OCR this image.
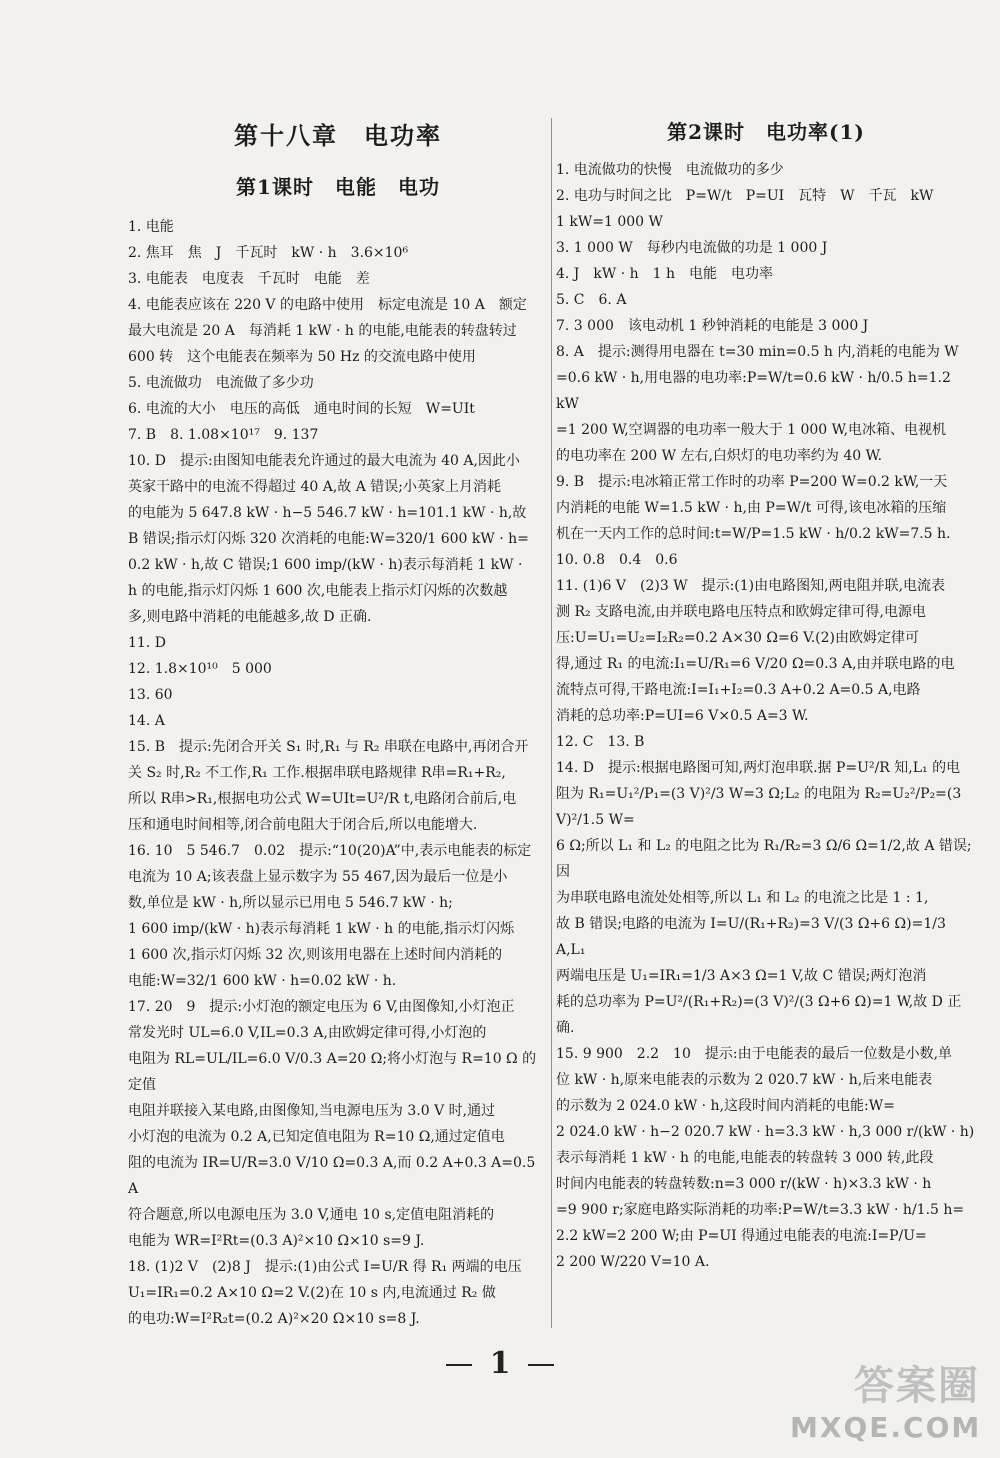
第十八章　电功率
第1课时　电能　电功

1. 电能

2. 焦耳　焦　J　千瓦时　kW · h　3.6×10⁶

3. 电能表　电度表　千瓦时　电能　差

4. 电能表应该在 220 V 的电路中使用　标定电流是 10 A　额定

最大电流是 20 A　每消耗 1 kW · h 的电能,电能表的转盘转过

600 转　这个电能表在频率为 50 Hz 的交流电路中使用

5. 电流做功　电流做了多少功

6. 电流的大小　电压的高低　通电时间的长短　W=UIt

7. B　8. 1.08×10¹⁷　9. 137

10. D　提示:由图知电能表允许通过的最大电流为 40 A,因此小

英家干路中的电流不得超过 40 A,故 A 错误;小英家上月消耗

的电能为 5 647.8 kW · h−5 546.7 kW · h=101.1 kW · h,故

B 错误;指示灯闪烁 320 次消耗的电能:W=320/1 600 kW · h=

0.2 kW · h,故 C 错误;1 600 imp/(kW · h)表示每消耗 1 kW ·

h 的电能,指示灯闪烁 1 600 次,电能表上指示灯闪烁的次数越

多,则电路中消耗的电能越多,故 D 正确.

11. D

12. 1.8×10¹⁰　5 000

13. 60

14. A

15. B　提示:先闭合开关 S₁ 时,R₁ 与 R₂ 串联在电路中,再闭合开

关 S₂ 时,R₂ 不工作,R₁ 工作.根据串联电路规律 R串=R₁+R₂,

所以 R串>R₁,根据电功公式 W=UIt=U²/R t,电路闭合前后,电

压和通电时间相等,闭合前电阻大于闭合后,所以电能增大.

16. 10　5 546.7　0.02　提示:“10(20)A”中,表示电能表的标定

电流为 10 A;该表盘上显示数字为 55 467,因为最后一位是小

数,单位是 kW · h,所以显示已用电 5 546.7 kW · h;

1 600 imp/(kW · h)表示每消耗 1 kW · h 的电能,指示灯闪烁

1 600 次,指示灯闪烁 32 次,则该用电器在上述时间内消耗的

电能:W=32/1 600 kW · h=0.02 kW · h.

17. 20　9　提示:小灯泡的额定电压为 6 V,由图像知,小灯泡正

常发光时 UL=6.0 V,IL=0.3 A,由欧姆定律可得,小灯泡的

电阻为 RL=UL/IL=6.0 V/0.3 A=20 Ω;将小灯泡与 R=10 Ω 的定值

电阻并联接入某电路,由图像知,当电源电压为 3.0 V 时,通过

小灯泡的电流为 0.2 A,已知定值电阻为 R=10 Ω,通过定值电

阻的电流为 IR=U/R=3.0 V/10 Ω=0.3 A,而 0.2 A+0.3 A=0.5 A

符合题意,所以电源电压为 3.0 V,通电 10 s,定值电阻消耗的

电能为 WR=I²Rt=(0.3 A)²×10 Ω×10 s=9 J.

18. (1)2 V　(2)8 J　提示:(1)由公式 I=U/R 得 R₁ 两端的电压

U₁=IR₁=0.2 A×10 Ω=2 V.(2)在 10 s 内,电流通过 R₂ 做

的电功:W=I²R₂t=(0.2 A)²×20 Ω×10 s=8 J.

第2课时　电功率(1)

1. 电流做功的快慢　电流做功的多少

2. 电功与时间之比　P=W/t　P=UI　瓦特　W　千瓦　kW

1 kW=1 000 W

3. 1 000 W　每秒内电流做的功是 1 000 J

4. J　kW · h　1 h　电能　电功率

5. C　6. A

7. 3 000　该电动机 1 秒钟消耗的电能是 3 000 J

8. A　提示:测得用电器在 t=30 min=0.5 h 内,消耗的电能为 W

=0.6 kW · h,用电器的电功率:P=W/t=0.6 kW · h/0.5 h=1.2 kW

=1 200 W,空调器的电功率一般大于 1 000 W,电冰箱、电视机

的电功率在 200 W 左右,白炽灯的电功率约为 40 W.

9. B　提示:电冰箱正常工作时的功率 P=200 W=0.2 kW,一天

内消耗的电能 W=1.5 kW · h,由 P=W/t 可得,该电冰箱的压缩

机在一天内工作的总时间:t=W/P=1.5 kW · h/0.2 kW=7.5 h.

10. 0.8　0.4　0.6

11. (1)6 V　(2)3 W　提示:(1)由电路图知,两电阻并联,电流表

测 R₂ 支路电流,由并联电路电压特点和欧姆定律可得,电源电

压:U=U₁=U₂=I₂R₂=0.2 A×30 Ω=6 V.(2)由欧姆定律可

得,通过 R₁ 的电流:I₁=U/R₁=6 V/20 Ω=0.3 A,由并联电路的电

流特点可得,干路电流:I=I₁+I₂=0.3 A+0.2 A=0.5 A,电路

消耗的总功率:P=UI=6 V×0.5 A=3 W.

12. C　13. B

14. D　提示:根据电路图可知,两灯泡串联.据 P=U²/R 知,L₁ 的电

阻为 R₁=U₁²/P₁=(3 V)²/3 W=3 Ω;L₂ 的电阻为 R₂=U₂²/P₂=(3 V)²/1.5 W=

6 Ω;所以 L₁ 和 L₂ 的电阻之比为 R₁/R₂=3 Ω/6 Ω=1/2,故 A 错误;因

为串联电路电流处处相等,所以 L₁ 和 L₂ 的电流之比是 1 : 1,

故 B 错误;电路的电流为 I=U/(R₁+R₂)=3 V/(3 Ω+6 Ω)=1/3 A,L₁

两端电压是 U₁=IR₁=1/3 A×3 Ω=1 V,故 C 错误;两灯泡消

耗的总功率为 P=U²/(R₁+R₂)=(3 V)²/(3 Ω+6 Ω)=1 W,故 D 正确.

15. 9 900　2.2　10　提示:由于电能表的最后一位数是小数,单

位 kW · h,原来电能表的示数为 2 020.7 kW · h,后来电能表

的示数为 2 024.0 kW · h,这段时间内消耗的电能:W=

2 024.0 kW · h−2 020.7 kW · h=3.3 kW · h,3 000 r/(kW · h)

表示每消耗 1 kW · h 的电能,电能表的转盘转 3 000 转,此段

时间内电能表的转盘转数:n=3 000 r/(kW · h)×3.3 kW · h

=9 900 r;家庭电路实际消耗的功率:P=W/t=3.3 kW · h/1.5 h=

2.2 kW=2 200 W;由 P=UI 得通过电能表的电流:I=P/U=

2 200 W/220 V=10 A.

1	答案圈
MXQE.COM
